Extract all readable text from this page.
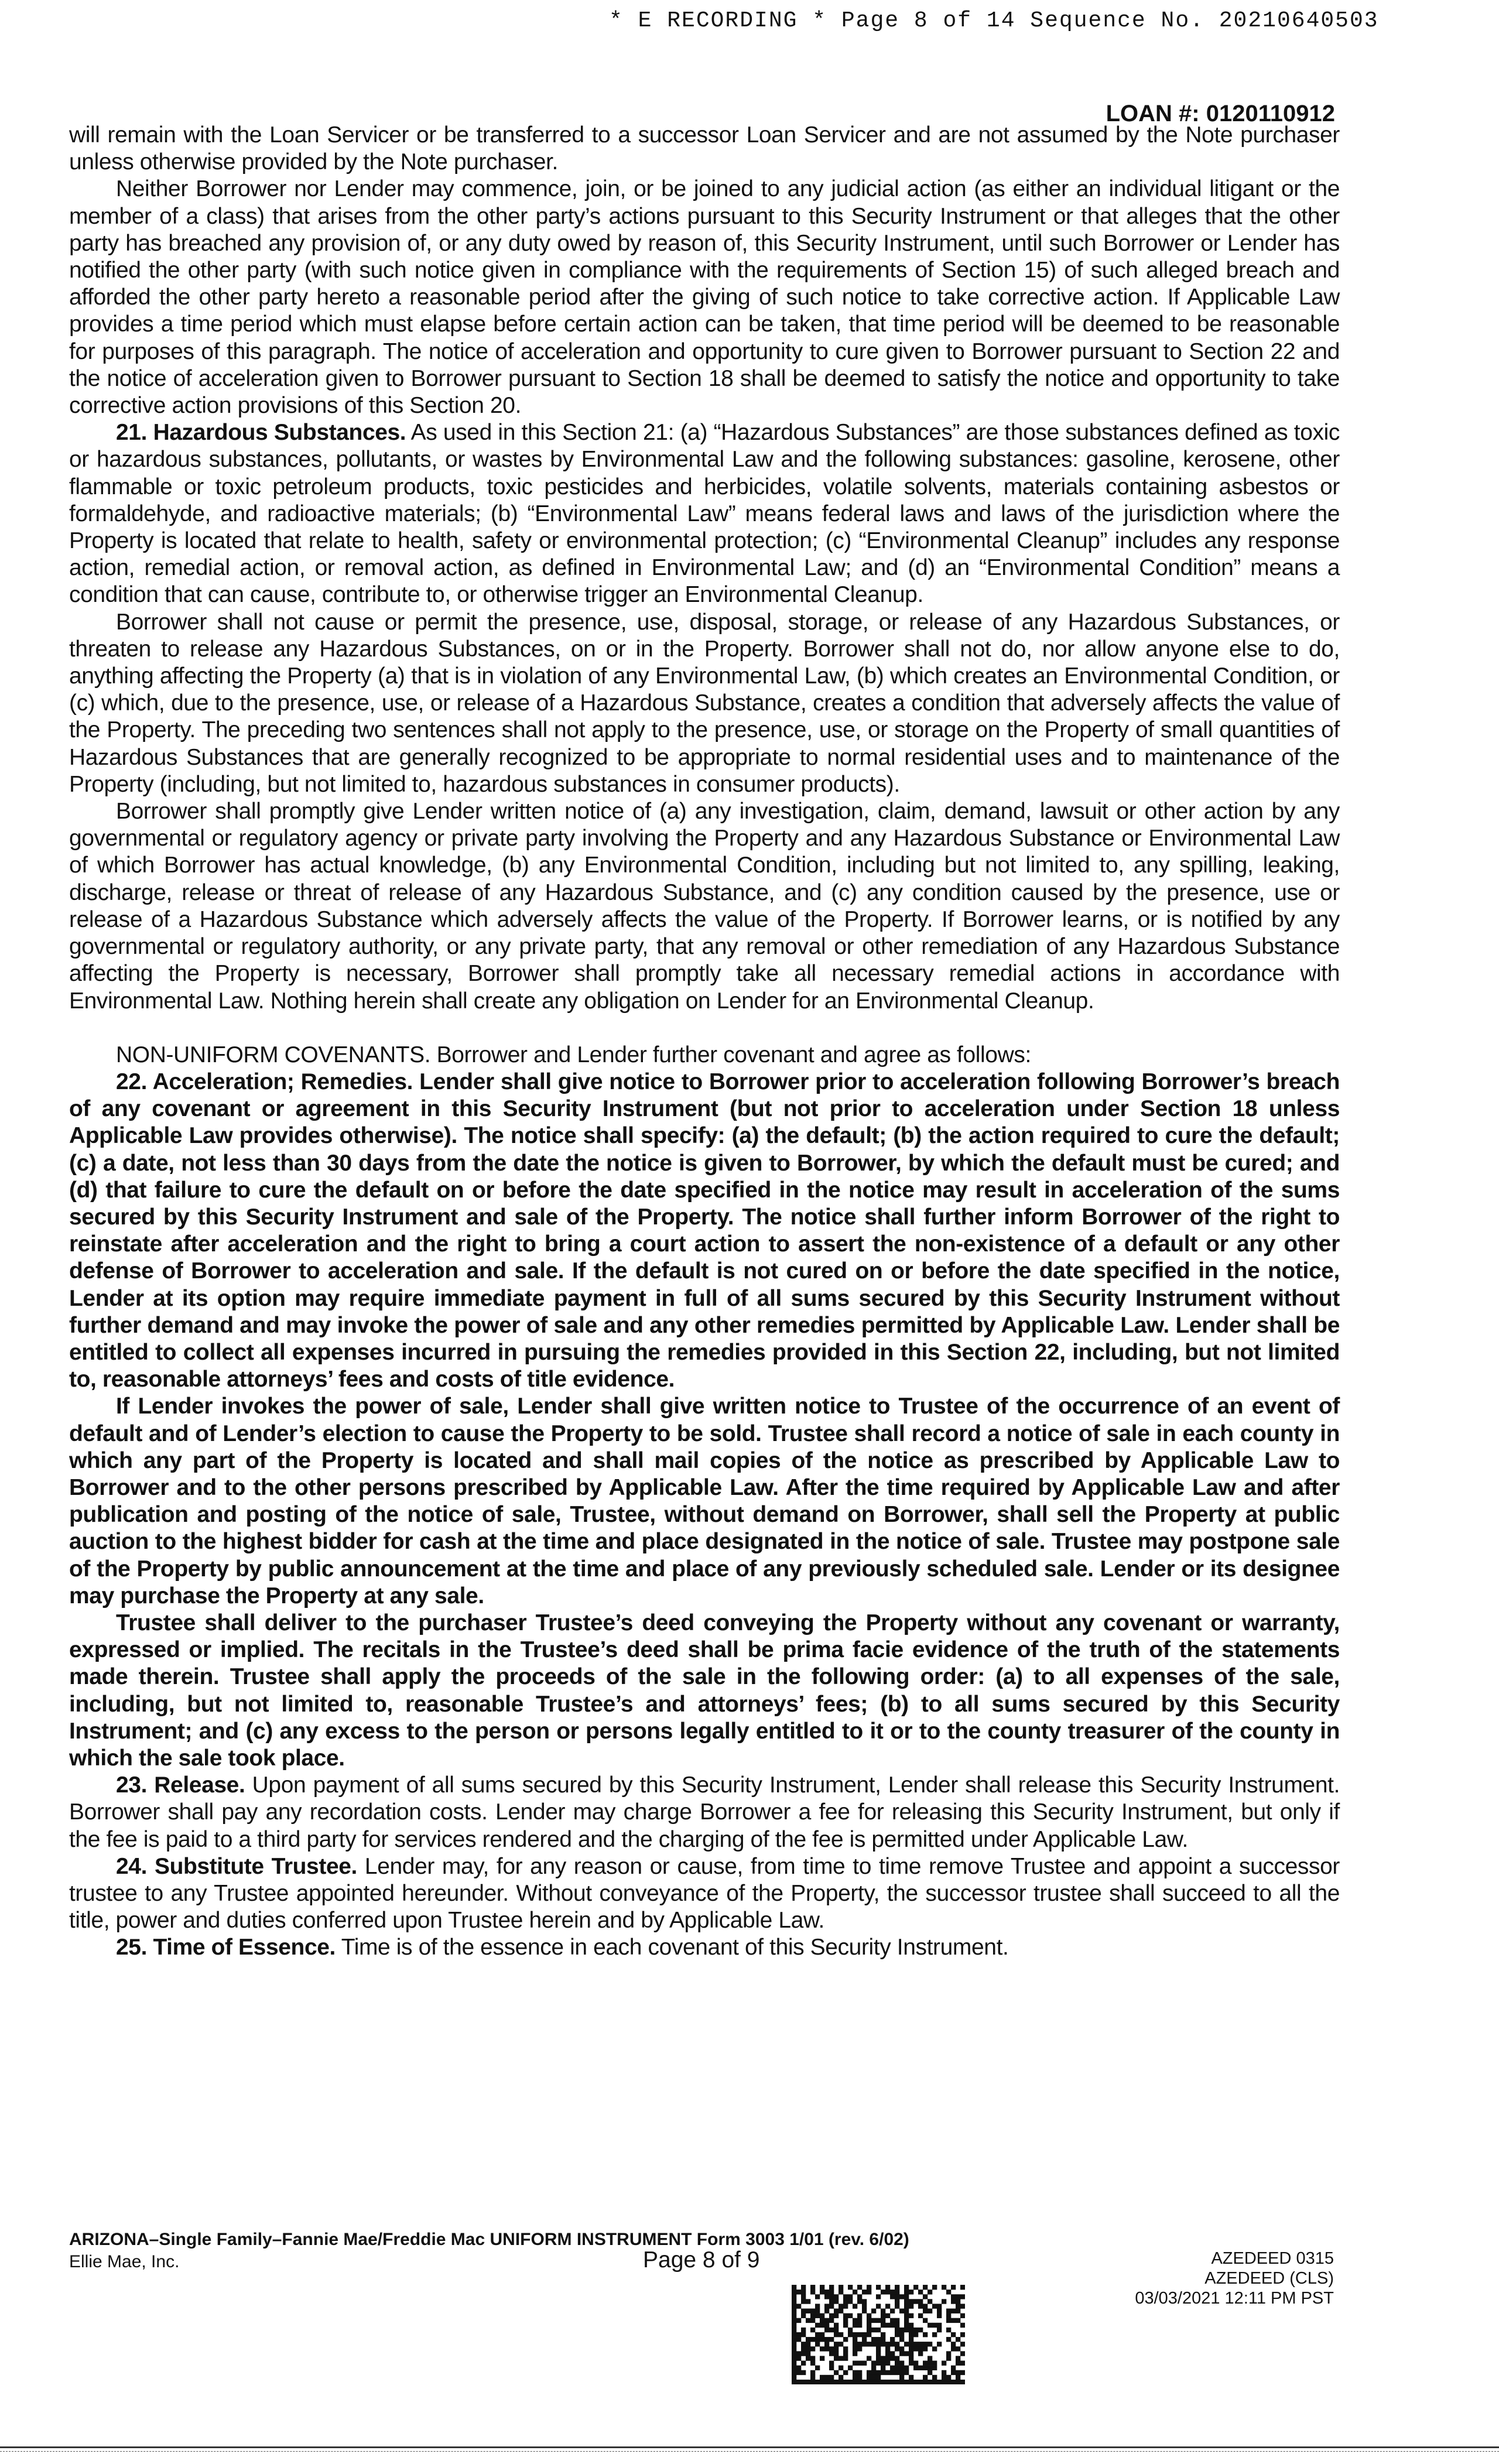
* E RECORDING * Page 8 of 14 Sequence No. 20210640503
LOAN #: 0120110912

will remain with the Loan Servicer or be transferred to a successor Loan Servicer and are not assumed by the Note purchaser unless otherwise provided by the Note purchaser.

Neither Borrower nor Lender may commence, join, or be joined to any judicial action (as either an individual litigant or the member of a class) that arises from the other party’s actions pursuant to this Security Instrument or that alleges that the other party has breached any provision of, or any duty owed by reason of, this Security Instrument, until such Borrower or Lender has notified the other party (with such notice given in compliance with the requirements of Section 15) of such alleged breach and afforded the other party hereto a reasonable period after the giving of such notice to take corrective action. If Applicable Law provides a time period which must elapse before certain action can be taken, that time period will be deemed to be reasonable for purposes of this paragraph. The notice of acceleration and opportunity to cure given to Borrower pursuant to Section 22 and the notice of acceleration given to Borrower pursuant to Section 18 shall be deemed to satisfy the notice and opportunity to take corrective action provisions of this Section 20.

21. Hazardous Substances. As used in this Section 21: (a) “Hazardous Substances” are those substances defined as toxic or hazardous substances, pollutants, or wastes by Environmental Law and the following substances: gasoline, kerosene, other flammable or toxic petroleum products, toxic pesticides and herbicides, volatile solvents, materials containing asbestos or formaldehyde, and radioactive materials; (b) “Environmental Law” means federal laws and laws of the jurisdiction where the Property is located that relate to health, safety or environmental protection; (c) “Environmental Cleanup” includes any response action, remedial action, or removal action, as defined in Environmental Law; and (d) an “Environmental Condition” means a condition that can cause, contribute to, or otherwise trigger an Environmental Cleanup.

Borrower shall not cause or permit the presence, use, disposal, storage, or release of any Hazardous Substances, or threaten to release any Hazardous Substances, on or in the Property. Borrower shall not do, nor allow anyone else to do, anything affecting the Property (a) that is in violation of any Environmental Law, (b) which creates an Environmental Condition, or (c) which, due to the presence, use, or release of a Hazardous Substance, creates a condition that adversely affects the value of the Property. The preceding two sentences shall not apply to the presence, use, or storage on the Property of small quantities of Hazardous Substances that are generally recognized to be appropriate to normal residential uses and to maintenance of the Property (including, but not limited to, hazardous substances in consumer products).

Borrower shall promptly give Lender written notice of (a) any investigation, claim, demand, lawsuit or other action by any governmental or regulatory agency or private party involving the Property and any Hazardous Substance or Environmental Law of which Borrower has actual knowledge, (b) any Environmental Condition, including but not limited to, any spilling, leaking, discharge, release or threat of release of any Hazardous Substance, and (c) any condition caused by the presence, use or release of a Hazardous Substance which adversely affects the value of the Property. If Borrower learns, or is notified by any governmental or regulatory authority, or any private party, that any removal or other remediation of any Hazardous Substance affecting the Property is necessary, Borrower shall promptly take all necessary remedial actions in accordance with Environmental Law. Nothing herein shall create any obligation on Lender for an Environmental Cleanup.

NON-UNIFORM COVENANTS. Borrower and Lender further covenant and agree as follows:

22. Acceleration; Remedies. Lender shall give notice to Borrower prior to acceleration following Borrower’s breach of any covenant or agreement in this Security Instrument (but not prior to acceleration under Section 18 unless Applicable Law provides otherwise). The notice shall specify: (a) the default; (b) the action required to cure the default; (c) a date, not less than 30 days from the date the notice is given to Borrower, by which the default must be cured; and (d) that failure to cure the default on or before the date specified in the notice may result in acceleration of the sums secured by this Security Instrument and sale of the Property. The notice shall further inform Borrower of the right to reinstate after acceleration and the right to bring a court action to assert the non-existence of a default or any other defense of Borrower to acceleration and sale. If the default is not cured on or before the date specified in the notice, Lender at its option may require immediate payment in full of all sums secured by this Security Instrument without further demand and may invoke the power of sale and any other remedies permitted by Applicable Law. Lender shall be entitled to collect all expenses incurred in pursuing the remedies provided in this Section 22, including, but not limited to, reasonable attorneys’ fees and costs of title evidence.

If Lender invokes the power of sale, Lender shall give written notice to Trustee of the occurrence of an event of default and of Lender’s election to cause the Property to be sold. Trustee shall record a notice of sale in each county in which any part of the Property is located and shall mail copies of the notice as prescribed by Applicable Law to Borrower and to the other persons prescribed by Applicable Law. After the time required by Applicable Law and after publication and posting of the notice of sale, Trustee, without demand on Borrower, shall sell the Property at public auction to the highest bidder for cash at the time and place designated in the notice of sale. Trustee may postpone sale of the Property by public announcement at the time and place of any previously scheduled sale. Lender or its designee may purchase the Property at any sale.

Trustee shall deliver to the purchaser Trustee’s deed conveying the Property without any covenant or warranty, expressed or implied. The recitals in the Trustee’s deed shall be prima facie evidence of the truth of the statements made therein. Trustee shall apply the proceeds of the sale in the following order: (a) to all expenses of the sale, including, but not limited to, reasonable Trustee’s and attorneys’ fees; (b) to all sums secured by this Security Instrument; and (c) any excess to the person or persons legally entitled to it or to the county treasurer of the county in which the sale took place.

23. Release. Upon payment of all sums secured by this Security Instrument, Lender shall release this Security Instrument. Borrower shall pay any recordation costs. Lender may charge Borrower a fee for releasing this Security Instrument, but only if the fee is paid to a third party for services rendered and the charging of the fee is permitted under Applicable Law.

24. Substitute Trustee. Lender may, for any reason or cause, from time to time remove Trustee and appoint a successor trustee to any Trustee appointed hereunder. Without conveyance of the Property, the successor trustee shall succeed to all the title, power and duties conferred upon Trustee herein and by Applicable Law.

25. Time of Essence. Time is of the essence in each covenant of this Security Instrument.

ARIZONA–Single Family–Fannie Mae/Freddie Mac UNIFORM INSTRUMENT Form 3003 1/01 (rev. 6/02)
Ellie Mae, Inc.	Page 8 of 9	AZEDEED 0315
AZEDEED (CLS)
03/03/2021 12:11 PM PST
